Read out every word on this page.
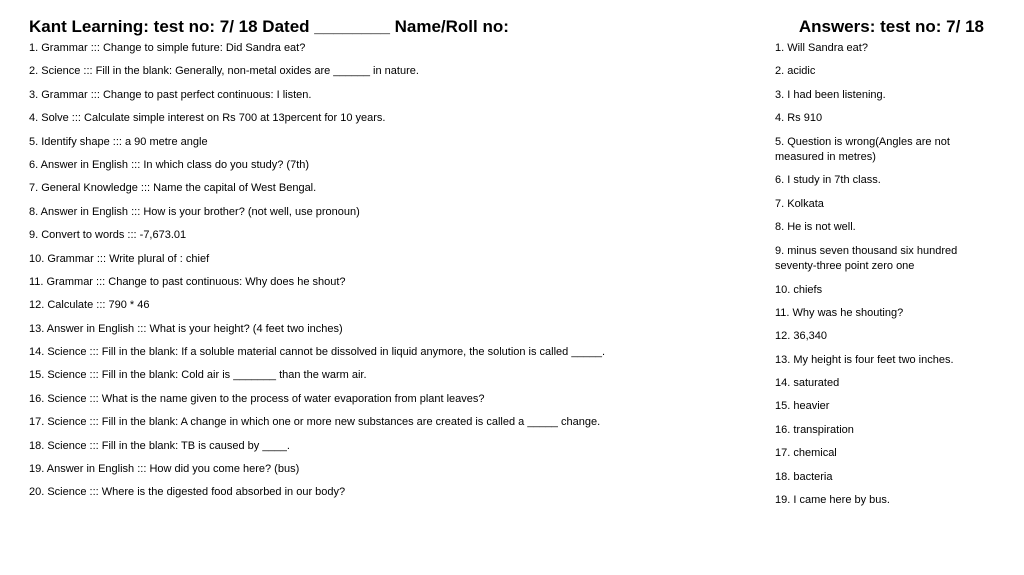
Kant Learning: test no: 7/ 18 Dated ________ Name/Roll no:	Answers: test no: 7/ 18
1. Grammar ::: Change to simple future: Did Sandra eat?
2. Science ::: Fill in the blank: Generally, non-metal oxides are ______ in nature.
3. Grammar ::: Change to past perfect continuous: I listen.
4. Solve ::: Calculate simple interest on Rs 700 at 13percent for 10 years.
5. Identify shape ::: a 90 metre angle
6. Answer in English ::: In which class do you study? (7th)
7. General Knowledge ::: Name the capital of West Bengal.
8. Answer in English ::: How is your brother? (not well, use pronoun)
9. Convert to words ::: -7,673.01
10. Grammar ::: Write plural of : chief
11. Grammar ::: Change to past continuous: Why does he shout?
12. Calculate ::: 790 * 46
13. Answer in English ::: What is your height? (4 feet two inches)
14. Science ::: Fill in the blank: If a soluble material cannot be dissolved in liquid anymore, the solution is called _____.
15. Science ::: Fill in the blank: Cold air is _______ than the warm air.
16. Science ::: What is the name given to the process of water evaporation from plant leaves?
17. Science ::: Fill in the blank: A change in which one or more new substances are created is called a _____ change.
18. Science ::: Fill in the blank: TB is caused by ____.
19. Answer in English ::: How did you come here? (bus)
20. Science ::: Where is the digested food absorbed in our body?
1. Will Sandra eat?
2. acidic
3. I had been listening.
4. Rs 910
5. Question is wrong(Angles are not measured in metres)
6. I study in 7th class.
7. Kolkata
8. He is not well.
9. minus seven thousand six hundred seventy-three point zero one
10. chiefs
11. Why was he shouting?
12. 36,340
13. My height is four feet two inches.
14. saturated
15. heavier
16. transpiration
17. chemical
18. bacteria
19. I came here by bus.
